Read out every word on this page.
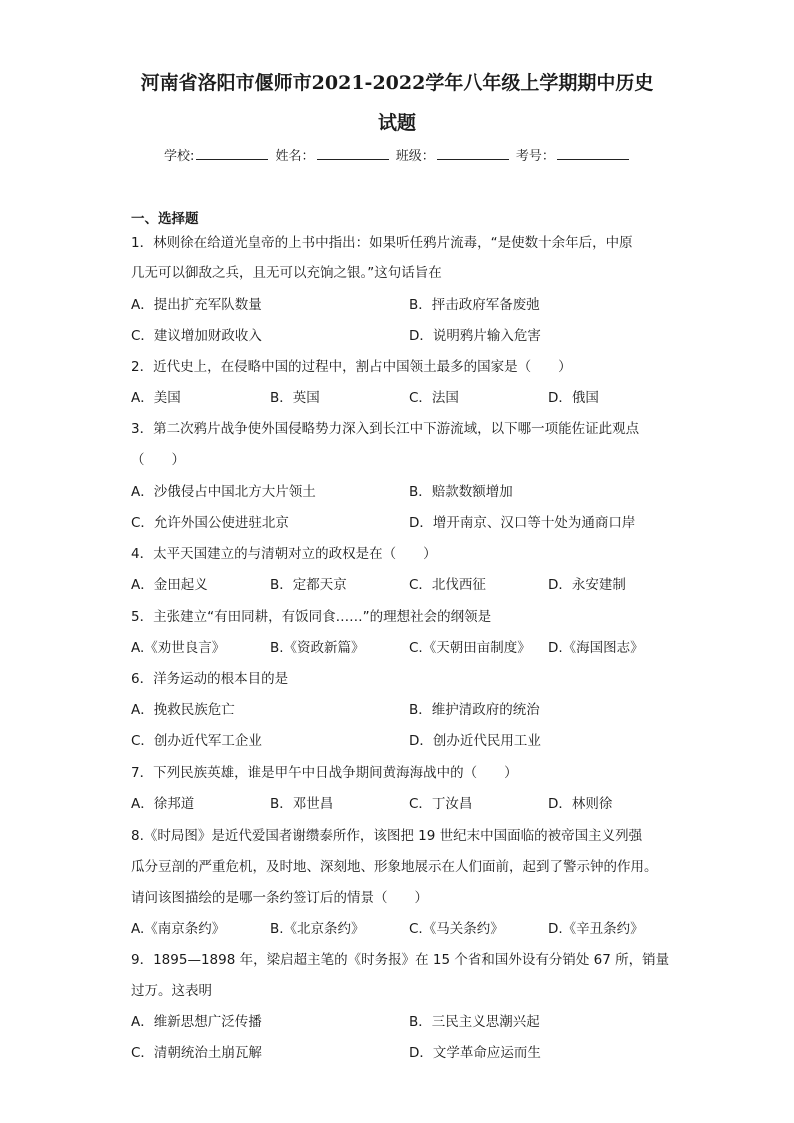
河南省洛阳市偃师市2021-2022学年八年级上学期期中历史
试题
学校:	姓名：	班级：	考号：
一、选择题
1．林则徐在给道光皇帝的上书中指出：如果听任鸦片流毒，“是使数十余年后，中原
几无可以御敌之兵，且无可以充饷之银。”这句话旨在
A．提出扩充军队数量	B．抨击政府军备废弛
C．建议增加财政收入	D．说明鸦片输入危害
2．近代史上，在侵略中国的过程中，割占中国领土最多的国家是（　　）
A．美国	B．英国	C．法国	D．俄国
3．第二次鸦片战争使外国侵略势力深入到长江中下游流域，以下哪一项能佐证此观点
（　　）
A．沙俄侵占中国北方大片领土	B．赔款数额增加
C．允许外国公使进驻北京	D．增开南京、汉口等十处为通商口岸
4．太平天国建立的与清朝对立的政权是在（　　）
A．金田起义	B．定都天京	C．北伐西征	D．永安建制
5．主张建立“有田同耕，有饭同食……”的理想社会的纲领是
A.《劝世良言》	B.《资政新篇》	C.《天朝田亩制度》 D.《海国图志》
6．洋务运动的根本目的是
A．挽救民族危亡	B．维护清政府的统治
C．创办近代军工企业	D．创办近代民用工业
7．下列民族英雄，谁是甲午中日战争期间黄海海战中的（　　）
A．徐邦道	B．邓世昌	C．丁汝昌	D．林则徐
8.《时局图》是近代爱国者谢缵泰所作，该图把 19 世纪末中国面临的被帝国主义列强
瓜分豆剖的严重危机，及时地、深刻地、形象地展示在人们面前，起到了警示钟的作用。
请问该图描绘的是哪一条约签订后的情景（　　）
A.《南京条约》	B.《北京条约》	C.《马关条约》	D.《辛丑条约》
9．1895—1898 年，梁启超主笔的《时务报》在 15 个省和国外设有分销处 67 所，销量
过万。这表明
A．维新思想广泛传播	B．三民主义思潮兴起
C．清朝统治土崩瓦解	D．文学革命应运而生
